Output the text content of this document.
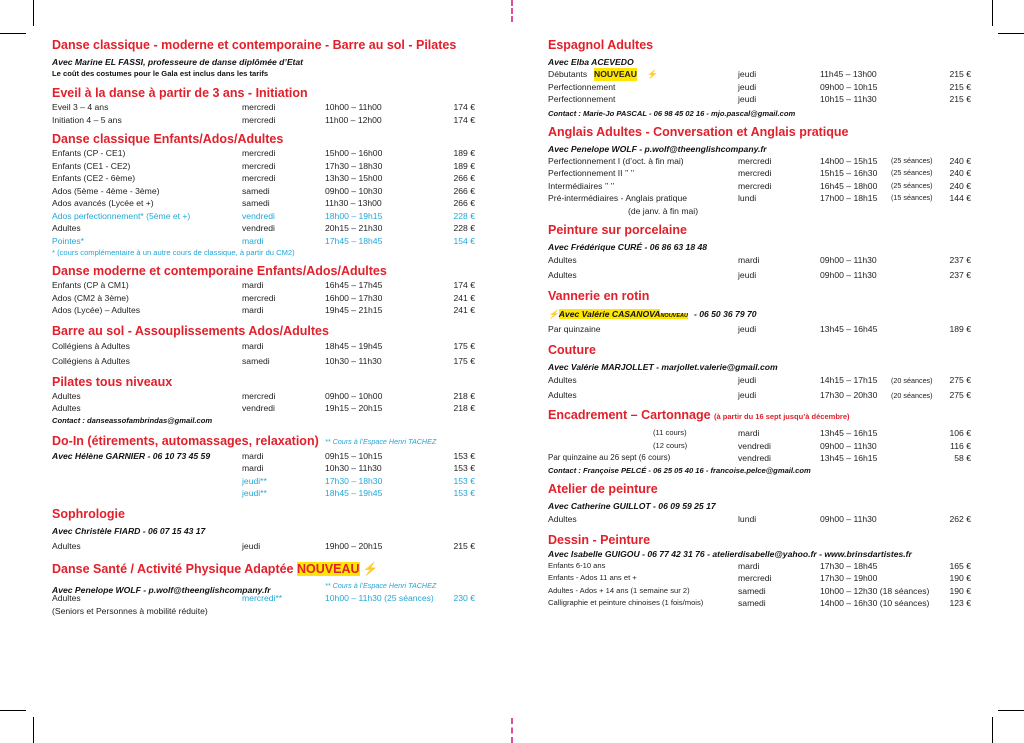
Danse classique - moderne et contemporaine - Barre au sol - Pilates
Avec Marine EL FASSI, professeure de danse diplômée d’Etat
Le coût des costumes pour le Gala est inclus dans les tarifs
Eveil à la danse à partir de 3 ans - Initiation
Eveil 3 – 4 ans	mercredi	10h00 – 11h00	174 €
Initiation 4 – 5 ans	mercredi	11h00 – 12h00	174 €
Danse classique Enfants/Ados/Adultes
Enfants (CP - CE1)	mercredi	15h00 – 16h00	189 €
Enfants (CE1 - CE2)	mercredi	17h30 – 18h30	189 €
Enfants (CE2 - 6ème)	mercredi	13h30 – 15h00	266 €
Ados (5ème - 4ème - 3ème)	samedi	09h00 – 10h30	266 €
Ados avancés (Lycée et +)	samedi	11h30 – 13h00	266 €
Ados perfectionnement* (5ème et +)	vendredi	18h00 – 19h15	228 €
Adultes	vendredi	20h15 – 21h30	228 €
Pointes*	mardi	17h45 – 18h45	154 €
* (cours complémentaire à un autre cours de classique, à partir du CM2)
Danse moderne et contemporaine Enfants/Ados/Adultes
Enfants (CP à CM1)	mardi	16h45 – 17h45	174 €
Ados (CM2 à 3ème)	mercredi	16h00 – 17h30	241 €
Ados (Lycée) – Adultes	mardi	19h45 – 21h15	241 €
Barre au sol - Assouplissements Ados/Adultes
Collégiens à Adultes	mardi	18h45 – 19h45	175 €
Collégiens à Adultes	samedi	10h30 – 11h30	175 €
Pilates tous niveaux
Adultes	mercredi	09h00 – 10h00	218 €
Adultes	vendredi	19h15 – 20h15	218 €
Contact : danseassofambrindas@gmail.com
Do-In (étirements, automassages, relaxation) ** Cours à l’Espace Henri TACHEZ
Avec Hélène GARNIER - 06 10 73 45 59	mardi	09h15 – 10h15	153 €
mardi	10h30 – 11h30	153 €
jeudi**	17h30 – 18h30	153 €
jeudi**	18h45 – 19h45	153 €
Sophrologie
Avec Christèle FIARD - 06 07 15 43 17
Adultes	jeudi	19h00 – 20h15	215 €
Danse Santé / Activité Physique Adaptée NOUVEAU ⚡
Avec Penelope WOLF - p.wolf@theenglishcompany.fr	** Cours à l’Espace Henri TACHEZ
Adultes	mercredi**	10h00 – 11h30 (25 séances) 230 €
(Seniors et Personnes à mobilité réduite)
Espagnol Adultes
Avec Elba ACEVEDO
Débutants	jeudi	11h45 – 13h00	215 €
NOUVEAU ⚡
Perfectionnement	jeudi	09h00 – 10h15	215 €
Perfectionnement	jeudi	10h15 – 11h30	215 €
Contact : Marie-Jo PASCAL - 06 98 45 02 16 - mjo.pascal@gmail.com
Anglais Adultes - Conversation et Anglais pratique
Avec Penelope WOLF - p.wolf@theenglishcompany.fr
Perfectionnement I (d’oct. à fin mai)	mercredi	14h00 – 15h15	240 €
(25 séances)
Perfectionnement II ’’ ’’	mercredi	15h15 – 16h30	240 €
(25 séances)
Intermédiaires ’’ ’’	mercredi	16h45 – 18h00	240 €
(25 séances)
Pré-intermédiaires - Anglais pratique	lundi	17h00 – 18h15	144 €
(15 séances)
(de janv. à fin mai)
Peinture sur porcelaine
Avec Frédérique CURÉ - 06 86 63 18 48
Adultes	mardi	09h00 – 11h30	237 €
Adultes	jeudi	09h00 – 11h30	237 €
Vannerie en rotin
⚡Avec Valérie CASANOVANOUVEAU - 06 50 36 79 70
Par quinzaine	jeudi	13h45 – 16h45	189 €
Couture
Avec Valérie MARJOLLET - marjollet.valerie@gmail.com
Adultes	jeudi	14h15 – 17h15	275 €
(20 séances)
Adultes	jeudi	17h30 – 20h30	275 €
(20 séances)
Encadrement – Cartonnage (à partir du 16 sept jusqu’à décembre)
(11 cours)	mardi	13h45 – 16h15	106 €
(12 cours)	vendredi	09h00 – 11h30	116 €
Par quinzaine au 26 sept (6 cours)	vendredi	13h45 – 16h15	58 €
Contact : Françoise PELCÉ - 06 25 05 40 16 - francoise.pelce@gmail.com
Atelier de peinture
Avec Catherine GUILLOT - 06 09 59 25 17
Adultes	lundi	09h00 – 11h30	262 €
Dessin - Peinture
Avec Isabelle GUIGOU - 06 77 42 31 76 - atelierdisabelle@yahoo.fr - www.brinsdartistes.fr
Enfants 6-10 ans	mardi	17h30 – 18h45	165 €
Enfants - Ados 11 ans et +	mercredi	17h30 – 19h00	190 €
Adultes - Ados + 14 ans (1 semaine sur 2)	samedi	10h00 – 12h30 (18 séances) 190 €
Calligraphie et peinture chinoises (1 fois/mois)	samedi	14h00 – 16h30 (10 séances) 123 €
